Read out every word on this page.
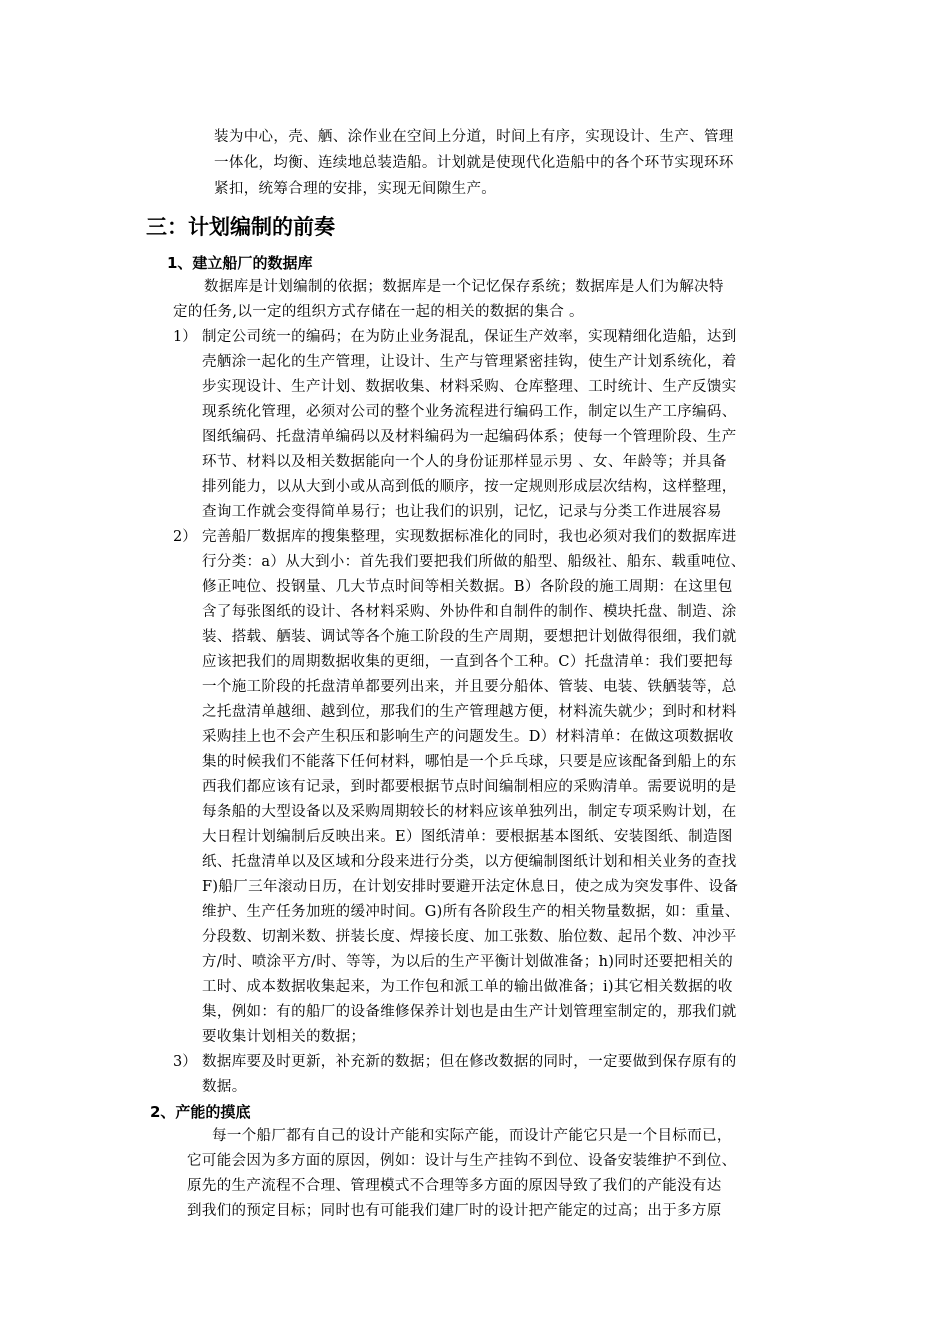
装为中心，壳、舾、涂作业在空间上分道，时间上有序，实现设计、生产、管理
一体化，均衡、连续地总装造船。计划就是使现代化造船中的各个环节实现环环
紧扣，统筹合理的安排，实现无间隙生产。
三：计划编制的前奏
1、建立船厂的数据库
数据库是计划编制的依据；数据库是一个记忆保存系统；数据库是人们为解决特
定的任务,以一定的组织方式存储在一起的相关的数据的集合 。
1） 制定公司统一的编码；在为防止业务混乱，保证生产效率，实现精细化造船，达到
壳舾涂一起化的生产管理，让设计、生产与管理紧密挂钩，使生产计划系统化，着
步实现设计、生产计划、数据收集、材料采购、仓库整理、工时统计、生产反馈实
现系统化管理，必须对公司的整个业务流程进行编码工作，制定以生产工序编码、
图纸编码、托盘清单编码以及材料编码为一起编码体系；使每一个管理阶段、生产
环节、材料以及相关数据能向一个人的身份证那样显示男 、女、年龄等；并具备
排列能力，以从大到小或从高到低的顺序，按一定规则形成层次结构，这样整理，
查询工作就会变得简单易行；也让我们的识别，记忆，记录与分类工作进展容易
2） 完善船厂数据库的搜集整理，实现数据标准化的同时，我也必须对我们的数据库进
行分类：a）从大到小：首先我们要把我们所做的船型、船级社、船东、载重吨位、
修正吨位、投钢量、几大节点时间等相关数据。B）各阶段的施工周期：在这里包
含了每张图纸的设计、各材料采购、外协件和自制件的制作、模块托盘、制造、涂
装、搭载、舾装、调试等各个施工阶段的生产周期，要想把计划做得很细，我们就
应该把我们的周期数据收集的更细，一直到各个工种。C）托盘清单：我们要把每
一个施工阶段的托盘清单都要列出来，并且要分船体、管装、电装、铁舾装等，总
之托盘清单越细、越到位，那我们的生产管理越方便，材料流失就少；到时和材料
采购挂上也不会产生积压和影响生产的问题发生。D）材料清单：在做这项数据收
集的时候我们不能落下任何材料，哪怕是一个乒乓球，只要是应该配备到船上的东
西我们都应该有记录，到时都要根据节点时间编制相应的采购清单。需要说明的是
每条船的大型设备以及采购周期较长的材料应该单独列出，制定专项采购计划，在
大日程计划编制后反映出来。E）图纸清单：要根据基本图纸、安装图纸、制造图
纸、托盘清单以及区域和分段来进行分类，以方便编制图纸计划和相关业务的查找
F)船厂三年滚动日历，在计划安排时要避开法定休息日，使之成为突发事件、设备
维护、生产任务加班的缓冲时间。G)所有各阶段生产的相关物量数据，如：重量、
分段数、切割米数、拼装长度、焊接长度、加工张数、胎位数、起吊个数、冲沙平
方/时、喷涂平方/时、等等，为以后的生产平衡计划做准备；h)同时还要把相关的
工时、成本数据收集起来，为工作包和派工单的输出做准备；i)其它相关数据的收
集，例如：有的船厂的设备维修保养计划也是由生产计划管理室制定的，那我们就
要收集计划相关的数据；
3） 数据库要及时更新，补充新的数据；但在修改数据的同时，一定要做到保存原有的
数据。
2、产能的摸底
每一个船厂都有自己的设计产能和实际产能，而设计产能它只是一个目标而已，
它可能会因为多方面的原因，例如：设计与生产挂钩不到位、设备安装维护不到位、
原先的生产流程不合理、管理模式不合理等多方面的原因导致了我们的产能没有达
到我们的预定目标；同时也有可能我们建厂时的设计把产能定的过高；出于多方原
